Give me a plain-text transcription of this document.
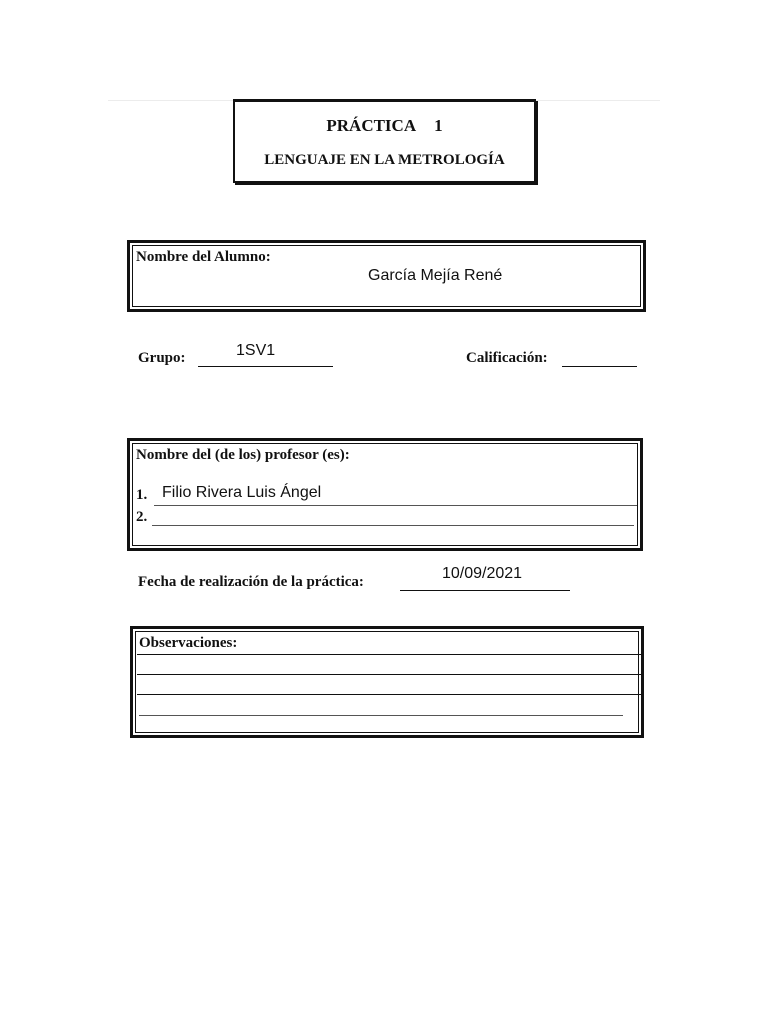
PRÁCTICA 1
LENGUAJE EN LA METROLOGÍA
Nombre del Alumno:
García Mejía René
Grupo:	1SV1	Calificación:
Nombre del (de los) profesor (es):
1. Filio Rivera Luis Ángel
2.
Fecha de realización de la práctica:	10/09/2021
Observaciones:
